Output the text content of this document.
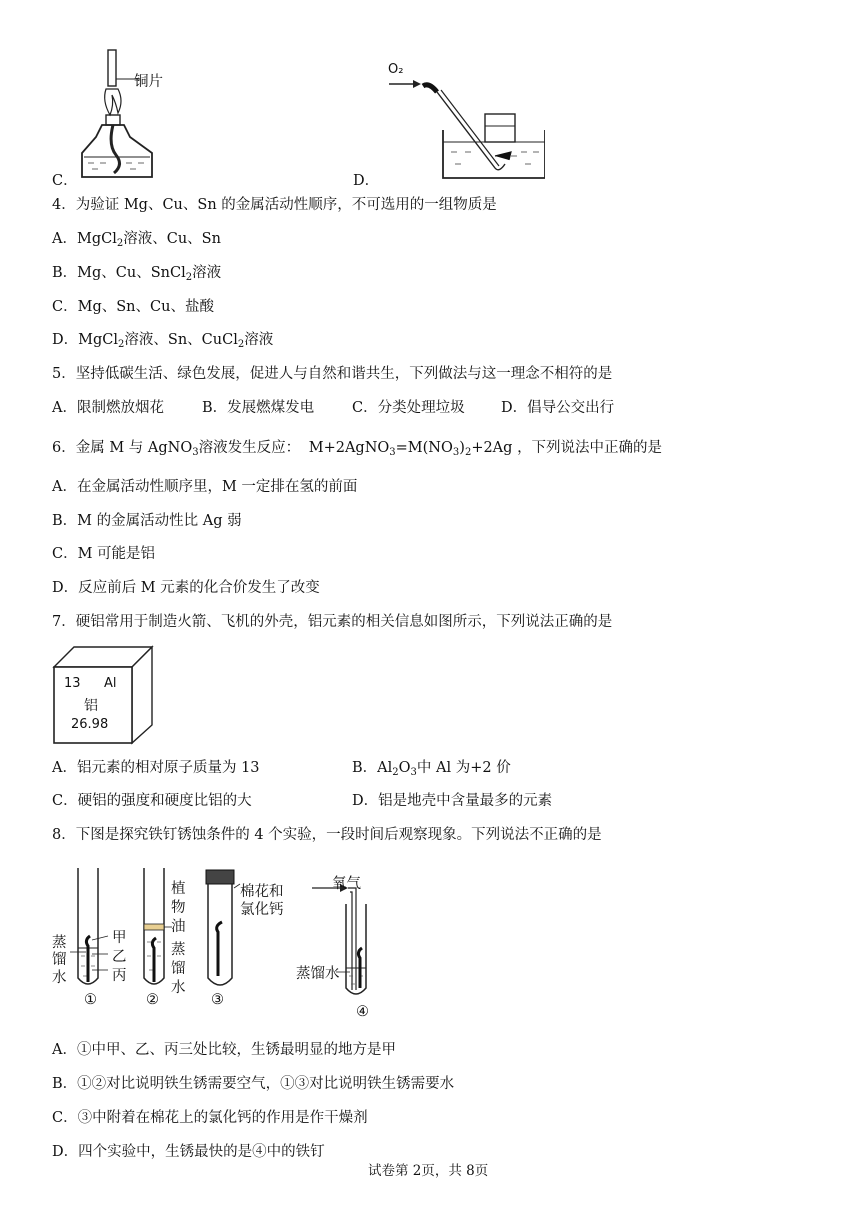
铜片
C．
O₂
D．
4．为验证 Mg、Cu、Sn 的金属活动性顺序，不可选用的一组物质是
A．MgCl$_2$溶液、Cu、Sn
B．Mg、Cu、SnCl$_2$溶液
C．Mg、Sn、Cu、盐酸
D．MgCl$_2$溶液、Sn、CuCl$_2$溶液
5．坚持低碳生活、绿色发展，促进人与自然和谐共生，下列做法与这一理念不相符的是
A．限制燃放烟花	B．发展燃煤发电	C．分类处理垃圾	D．倡导公交出行
6．金属 M 与 AgNO$_3$溶液发生反应： $M+2AgNO_3=M(NO_3)_2+2Ag$ ，下列说法中正确的是
A．在金属活动性顺序里，M 一定排在氢的前面
B．M 的金属活动性比 Ag 弱
C．M 可能是铝
D．反应前后 M 元素的化合价发生了改变
7．硬铝常用于制造火箭、飞机的外壳，铝元素的相关信息如图所示，下列说法正确的是
13 Al
铝
26.98
A．铝元素的相对原子质量为 13	B．$Al_2O_3$中 Al 为+2 价
C．硬铝的强度和硬度比铝的大	D．铝是地壳中含量最多的元素
8．下图是探究铁钉锈蚀条件的 4 个实验，一段时间后观察现象。下列说法不正确的是
蒸
馏
水
甲
乙
丙
①
植
物
油
蒸
馏
水
②
棉花和
氯化钙
③
氧气
蒸馏水
④
A．①中甲、乙、丙三处比较，生锈最明显的地方是甲
B．①②对比说明铁生锈需要空气，①③对比说明铁生锈需要水
C．③中附着在棉花上的氯化钙的作用是作干燥剂
D．四个实验中，生锈最快的是④中的铁钉
试卷第 2页，共 8页
